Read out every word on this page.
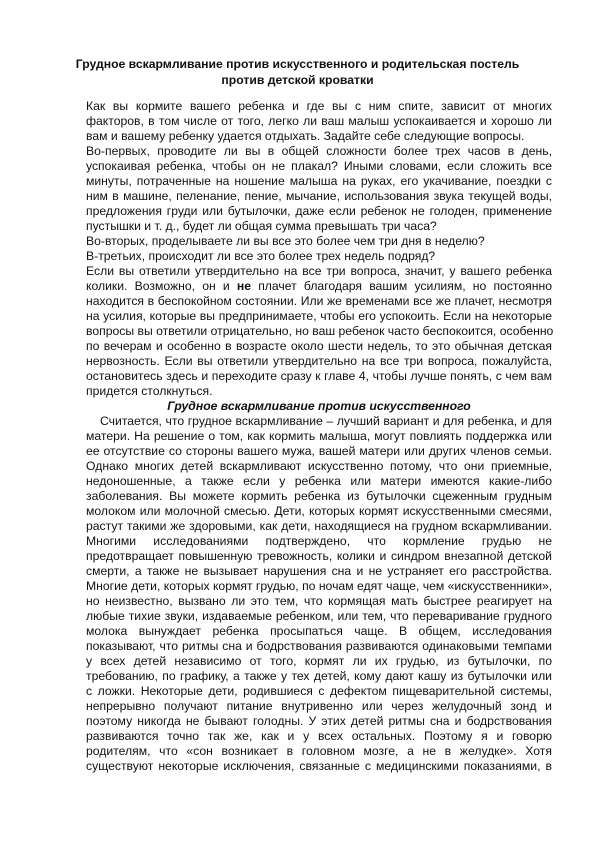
Грудное вскармливание против искусственного и родительская постель
против детской кроватки
Как вы кормите вашего ребенка и где вы с ним спите, зависит от многих
факторов, в том числе от того, легко ли ваш малыш успокаивается и хорошо ли
вам и вашему ребенку удается отдыхать. Задайте себе следующие вопросы.
Во-первых, проводите ли вы в общей сложности более трех часов в день,
успокаивая ребенка, чтобы он не плакал? Иными словами, если сложить все
минуты, потраченные на ношение малыша на руках, его укачивание, поездки с
ним в машине, пеленание, пение, мычание, использования звука текущей воды,
предложения груди или бутылочки, даже если ребенок не голоден, применение
пустышки и т. д., будет ли общая сумма превышать три часа?
Во-вторых, проделываете ли вы все это более чем три дня в неделю?
В-третьих, происходит ли все это более трех недель подряд?
Если вы ответили утвердительно на все три вопроса, значит, у вашего ребенка
колики. Возможно, он и не плачет благодаря вашим усилиям, но постоянно
находится в беспокойном состоянии. Или же временами все же плачет, несмотря
на усилия, которые вы предпринимаете, чтобы его успокоить. Если на некоторые
вопросы вы ответили отрицательно, но ваш ребенок часто беспокоится, особенно
по вечерам и особенно в возрасте около шести недель, то это обычная детская
нервозность. Если вы ответили утвердительно на все три вопроса, пожалуйста,
остановитесь здесь и переходите сразу к главе 4, чтобы лучше понять, с чем вам
придется столкнуться.
Грудное вскармливание против искусственного
Считается, что грудное вскармливание – лучший вариант и для ребенка, и для
матери. На решение о том, как кормить малыша, могут повлиять поддержка или
ее отсутствие со стороны вашего мужа, вашей матери или других членов семьи.
Однако многих детей вскармливают искусственно потому, что они приемные,
недоношенные, а также если у ребенка или матери имеются какие-либо
заболевания. Вы можете кормить ребенка из бутылочки сцеженным грудным
молоком или молочной смесью. Дети, которых кормят искусственными смесями,
растут такими же здоровыми, как дети, находящиеся на грудном вскармливании.
Многими исследованиями подтверждено, что кормление грудью не
предотвращает повышенную тревожность, колики и синдром внезапной детской
смерти, а также не вызывает нарушения сна и не устраняет его расстройства.
Многие дети, которых кормят грудью, по ночам едят чаще, чем «искусственники»,
но неизвестно, вызвано ли это тем, что кормящая мать быстрее реагирует на
любые тихие звуки, издаваемые ребенком, или тем, что переваривание грудного
молока вынуждает ребенка просыпаться чаще. В общем, исследования
показывают, что ритмы сна и бодрствования развиваются одинаковыми темпами
у всех детей независимо от того, кормят ли их грудью, из бутылочки, по
требованию, по графику, а также у тех детей, кому дают кашу из бутылочки или
с ложки. Некоторые дети, родившиеся с дефектом пищеварительной системы,
непрерывно получают питание внутривенно или через желудочный зонд и
поэтому никогда не бывают голодны. У этих детей ритмы сна и бодрствования
развиваются точно так же, как и у всех остальных. Поэтому я и говорю
родителям, что «сон возникает в головном мозге, а не в желудке». Хотя
существуют некоторые исключения, связанные с медицинскими показаниями, в
